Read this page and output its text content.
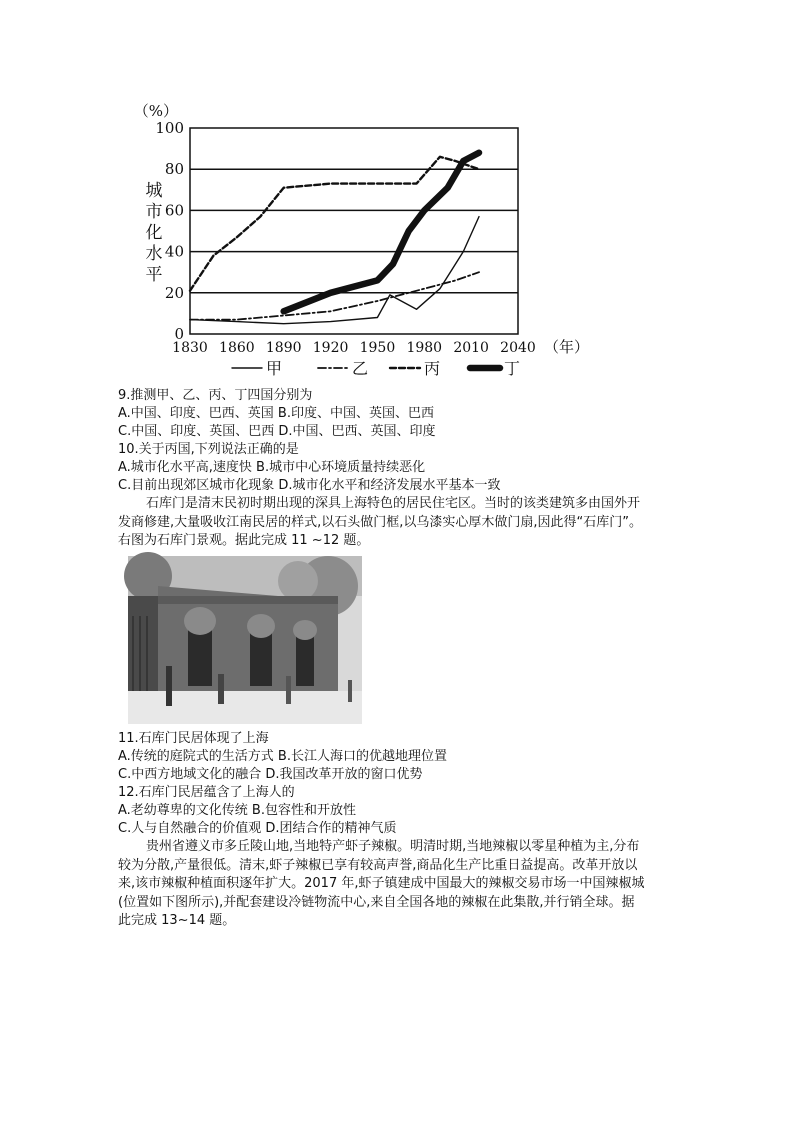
0
20
40
60
80
100
1830 1860 1890 1920 1950 1980 2010 2040
（%）
（年）
城
市
化
水
平
甲	乙	丙	丁
9.推测甲、乙、丙、丁四国分别为
A.中国、印度、巴西、英国 B.印度、中国、英国、巴西
C.中国、印度、英国、巴西 D.中国、巴西、英国、印度
10.关于丙国,下列说法正确的是
A.城市化水平高,速度快 B.城市中心环境质量持续恶化
C.目前出现郊区城市化现象 D.城市化水平和经济发展水平基本一致
石库门是清末民初时期出现的深具上海特色的居民住宅区。当时的该类建筑多由国外开
发商修建,大量吸收江南民居的样式,以石头做门框,以乌漆实心厚木做门扇,因此得“石库门”。
右图为石库门景观。据此完成 11 ~12 题。
11.石库门民居体现了上海
A.传统的庭院式的生活方式 B.长江人海口的优越地理位置
C.中西方地域文化的融合 D.我国改革开放的窗口优势
12.石库门民居蕴含了上海人的
A.老幼尊卑的文化传统 B.包容性和开放性
C.人与自然融合的价值观 D.团结合作的精神气质
贵州省遵义市多丘陵山地,当地特产虾子辣椒。明清时期,当地辣椒以零星种植为主,分布
较为分散,产量很低。清末,虾子辣椒已享有较高声誉,商品化生产比重日益提高。改革开放以
来,该市辣椒种植面积逐年扩大。2017 年,虾子镇建成中国最大的辣椒交易市场一中国辣椒城
(位置如下图所示),并配套建设冷链物流中心,来自全国各地的辣椒在此集散,并行销全球。据
此完成 13~14 题。
